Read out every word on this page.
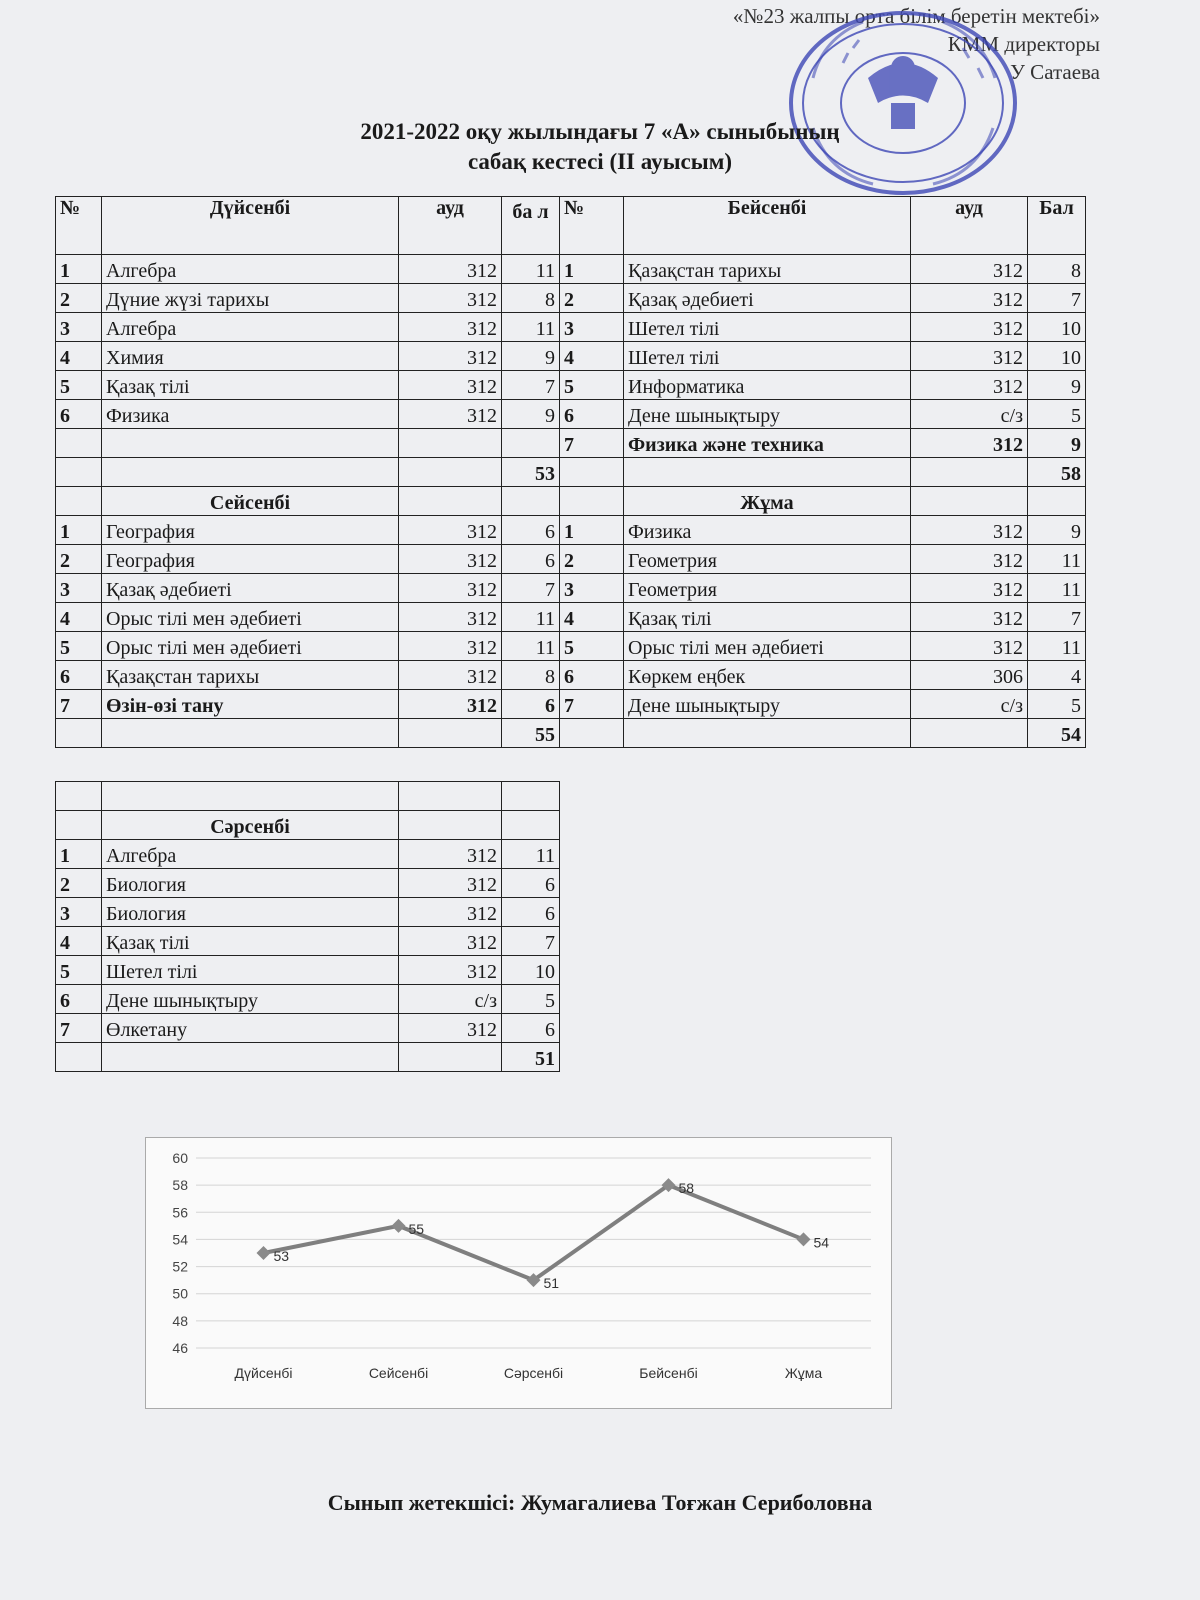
«№23 жалпы орта білім беретін мектебі»
КММ директоры
У Сатаева
2021-2022 оқу жылындағы 7 «А» сыныбының
сабақ кестесі (ІІ ауысым)
№	Дүйсенбі	ауд	ба л	№	Бейсенбі	ауд	Бал
1	Алгебра	312	11	1	Қазақстан тарихы	312	8
2	Дүние жүзі тарихы	312	8	2	Қазақ әдебиеті	312	7
3	Алгебра	312	11	3	Шетел тілі	312	10
4	Химия	312	9	4	Шетел тілі	312	10
5	Қазақ тілі	312	7	5	Информатика	312	9
6	Физика	312	9	6	Дене шынықтыру	с/з	5
				7	Физика және техника	312	9
			53				58
	Сейсенбі				Жұма		
1	География	312	6	1	Физика	312	9
2	География	312	6	2	Геометрия	312	11
3	Қазақ әдебиеті	312	7	3	Геометрия	312	11
4	Орыс тілі мен әдебиеті	312	11	4	Қазақ тілі	312	7
5	Орыс тілі мен әдебиеті	312	11	5	Орыс тілі мен әдебиеті	312	11
6	Қазақстан тарихы	312	8	6	Көркем еңбек	306	4
7	Өзін-өзі тану	312	6	7	Дене шынықтыру	с/з	5
			55				54

	Сәрсенбі		
1	Алгебра	312	11
2	Биология	312	6
3	Биология	312	6
4	Қазақ тілі	312	7
5	Шетел тілі	312	10
6	Дене шынықтыру	с/з	5
7	Өлкетану	312	6
			51
46
48
50
52
54
56
58
60
53
55
51
58
54
Дүйсенбі	Сейсенбі	Сәрсенбі	Бейсенбі	Жұма
Сынып жетекшісі: Жумагалиева Тоғжан Сериболовна
